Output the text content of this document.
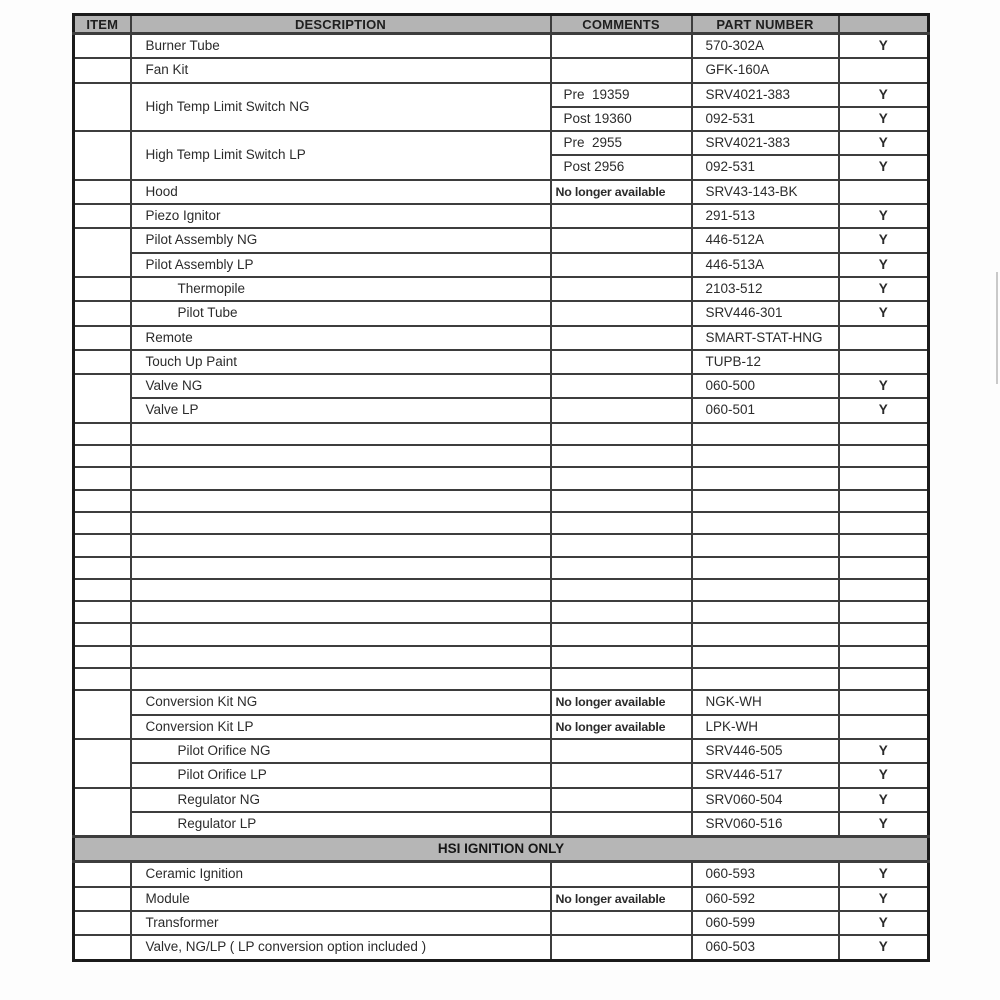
ITEM	DESCRIPTION	COMMENTS	PART NUMBER	
	Burner Tube		570-302A	Y
	Fan Kit		GFK-160A	
	High Temp Limit Switch NG	Pre  19359	SRV4021-383	Y
		Post 19360	092-531	Y
	High Temp Limit Switch LP	Pre  2955	SRV4021-383	Y
		Post 2956	092-531	Y
	Hood	No longer available	SRV43-143-BK	
	Piezo Ignitor		291-513	Y
	Pilot Assembly NG		446-512A	Y
	Pilot Assembly LP		446-513A	Y
	Thermopile		2103-512	Y
	Pilot Tube		SRV446-301	Y
	Remote		SMART-STAT-HNG	
	Touch Up Paint		TUPB-12	
	Valve NG		060-500	Y
	Valve LP		060-501	Y

	Conversion Kit NG	No longer available	NGK-WH	
	Conversion Kit LP	No longer available	LPK-WH	
	Pilot Orifice NG		SRV446-505	Y
	Pilot Orifice LP		SRV446-517	Y
	Regulator NG		SRV060-504	Y
	Regulator LP		SRV060-516	Y
HSI IGNITION ONLY				
	Ceramic Ignition		060-593	Y
	Module	No longer available	060-592	Y
	Transformer		060-599	Y
	Valve, NG/LP ( LP conversion option included )		060-503	Y
